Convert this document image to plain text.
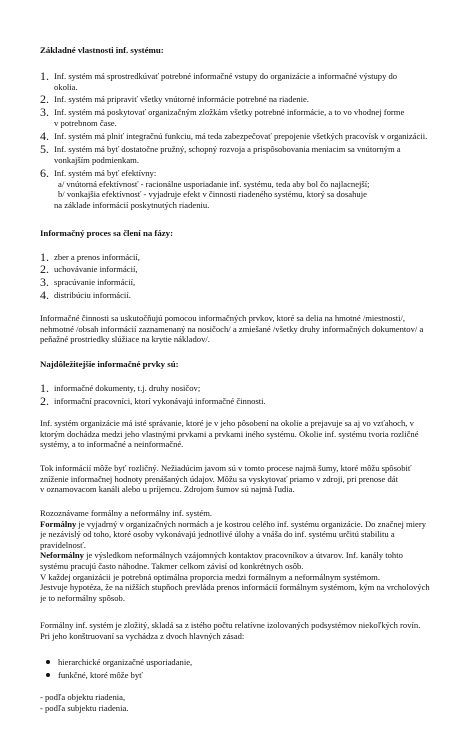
Základné vlastnosti inf. systému:
1. Inf. systém má sprostredkúvať potrebné informačné vstupy do organizácie a informačné výstupy do
okolia.
2. Inf. systém má pripraviť všetky vnútorné informácie potrebné na riadenie.
3. Inf. systém má poskytovať organizačným zložkám všetky potrebné informácie, a to vo vhodnej forme
v potrebnom čase.
4. Inf. systém má plniť integračnú funkciu, má teda zabezpečovať prepojenie všetkých pracovísk v organizácii.
5. Inf. systém má byť dostatočne pružný, schopný rozvoja a prispôsobovania meniacim sa vnútorným a
vonkajším podmienkam.
6. Inf. systém má byť efektívny:
a/ vnútorná efektívnosť - racionálne usporiadanie inf. systému, teda aby bol čo najlacnejší;
b/ vonkajšia efektívnosť - vyjadruje efekt v činnosti riadeného systému, ktorý sa dosahuje
na základe informácií poskytnutých riadeniu.
Informačný proces sa člení na fázy:
1. zber a prenos informácií,
2. uchovávanie informácií,
3. spracúvanie informácií,
4. distribúciu informácií.
Informačné činnosti sa uskutočňujú pomocou informačných prvkov, ktoré sa delia na hmotné /miestnosti/,
nehmotné /obsah informácií zaznamenaný na nosičoch/ a zmiešané /všetky druhy informačných dokumentov/ a
peňažné prostriedky slúžiace na krytie nákladov/.
Najdôležitejšie informačné prvky sú:
1. informačné dokumenty, t.j. druhy nosičov;
2. informační pracovníci, ktorí vykonávajú informačné činnosti.
Inf. systém organizácie má isté správanie, ktoré je v jeho pôsobení na okolie a prejavuje sa aj vo vzťahoch, v
ktorým dochádza medzi jeho vlastnými prvkami a prvkami iného systému. Okolie inf. systému tvoria rozličné
systémy, a to informačné a neinformačné.
Tok informácií môže byť rozličný. Nežiadúcim javom sú v tomto procese najmä šumy, ktoré môžu spôsobiť
zníženie informačnej hodnoty prenášaných údajov. Môžu sa vyskytovať priamo v zdroji, pri prenose dát
v oznamovacom kanáli alebo u príjemcu. Zdrojom šumov sú najmä ľudia.
Rozoznávame formálny a neformálny inf. systém.
Formálny je vyjadrný v organizačných normách a je kostrou celého inf. systému organizácie. Do značnej miery
je nezávislý od toho, ktoré osoby vykonávajú jednotlivé úlohy a vnáša do inf. systému určitú stabilitu a
pravidelnosť.
Neformálny je výsledkom neformálnych vzájomných kontaktov pracovníkov a útvarov. Inf. kanály tohto
systému pracujú často náhodne. Takmer celkom závisí od konkrétnych osôb.
V každej organizácii je potrebná optimálna proporcia medzi formálnym a neformálnym systémom.
Jestvuje hypotéza, že na nižších stupňoch prevláda prenos informácií formálnym systémom, kým na vrcholových
je to neformálny spôsob.
Formálny inf. systém je zložitý, skladá sa z istého počtu relatívne izolovaných podsystémov niekoľkých rovín.
Pri jeho konštruovaní sa vychádza z dvoch hlavných zásad:
hierarchické organizačné usporiadanie,
funkčné, ktoré môže byť
- podľa objektu riadenia,
- podľa subjektu riadenia.
